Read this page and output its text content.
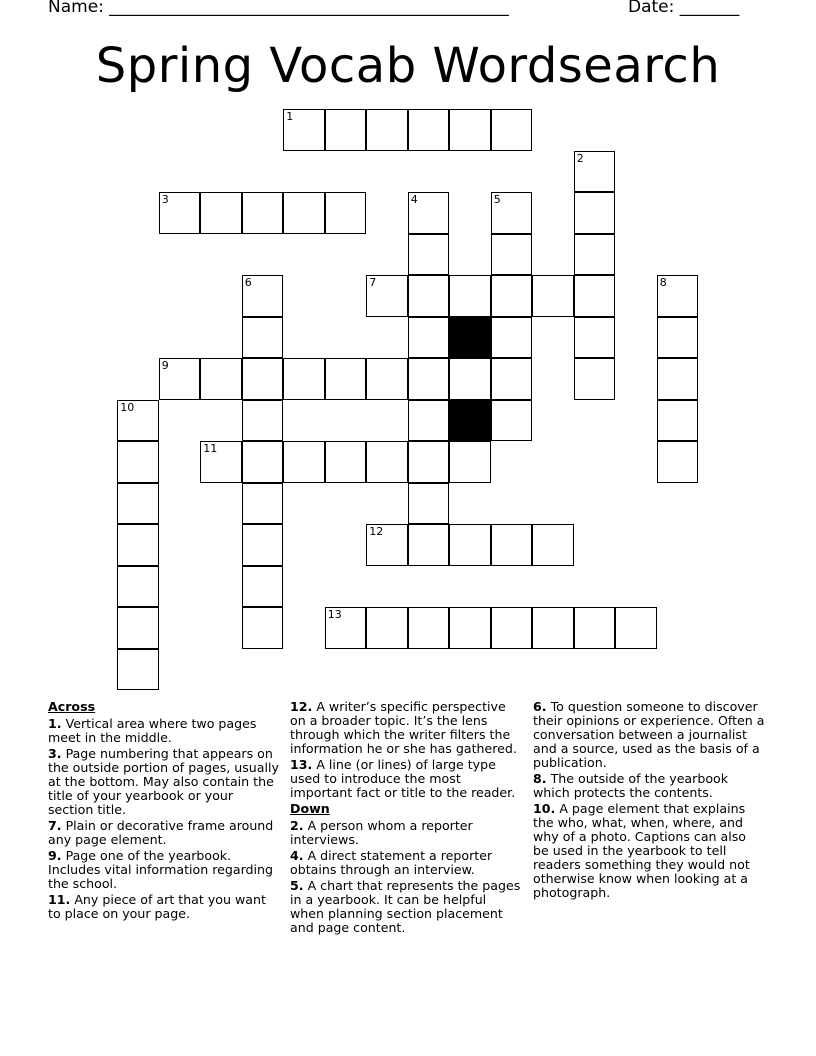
Name: _______________________________________________	Date: _______
Spring Vocab Wordsearch
1
2
3	4	5
6	7	8
9
10
11
12
13
Across
1. Vertical area where two pages meet in the middle.
3. Page numbering that appears on the outside portion of pages, usually at the bottom. May also contain the title of your yearbook or your section title.
7. Plain or decorative frame around any page element.
9. Page one of the yearbook. Includes vital information regarding the school.
11. Any piece of art that you want to place on your page.
12. A writer’s specific perspective on a broader topic. It’s the lens through which the writer filters the information he or she has gathered.
13. A line (or lines) of large type used to introduce the most important fact or title to the reader.
Down
2. A person whom a reporter interviews.
4. A direct statement a reporter obtains through an interview.
5. A chart that represents the pages in a yearbook. It can be helpful when planning section placement and page content.
6. To question someone to discover their opinions or experience. Often a conversation between a journalist and a source, used as the basis of a publication.
8. The outside of the yearbook which protects the contents.
10. A page element that explains the who, what, when, where, and why of a photo. Captions can also be used in the yearbook to tell readers something they would not otherwise know when looking at a photograph.
